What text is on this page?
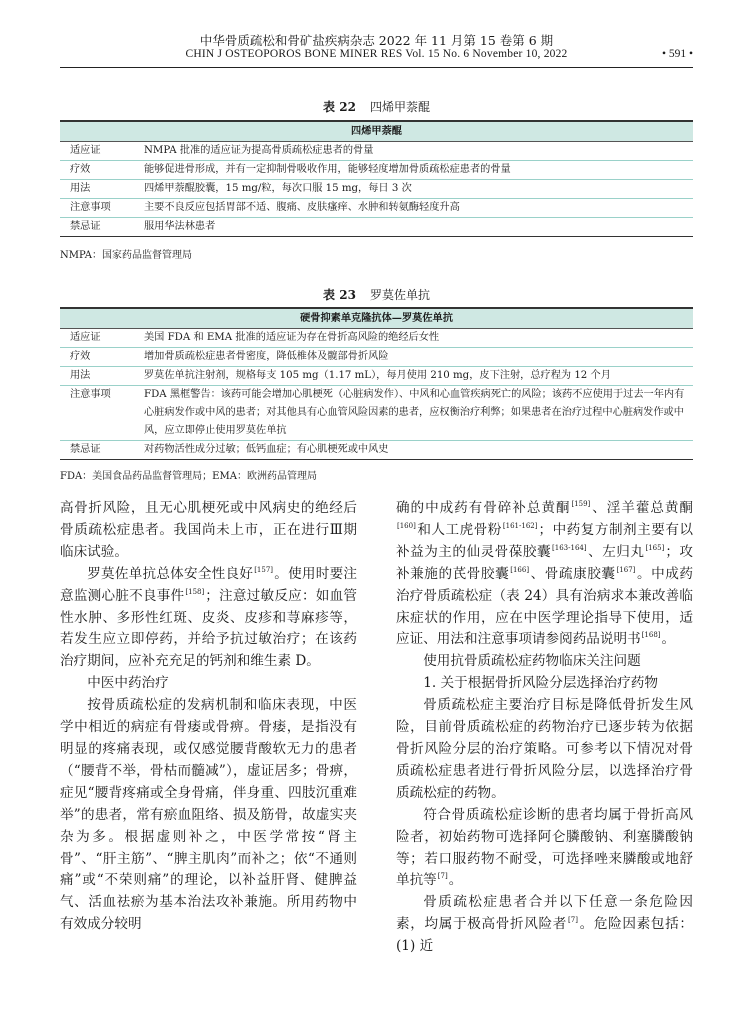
中华骨质疏松和骨矿盐疾病杂志 2022 年 11 月第 15 卷第 6 期
CHIN J OSTEOPOROS BONE MINER RES Vol. 15 No. 6 November 10, 2022	• 591 •
表 22 四烯甲萘醌
四烯甲萘醌	
适应证	NMPA 批准的适应证为提高骨质疏松症患者的骨量
疗效	能够促进骨形成，并有一定抑制骨吸收作用，能够轻度增加骨质疏松症患者的骨量
用法	四烯甲萘醌胶囊，15 mg/粒，每次口服 15 mg，每日 3 次
注意事项	主要不良反应包括胃部不适、腹痛、皮肤瘙痒、水肿和转氨酶轻度升高
禁忌证	服用华法林患者
NMPA：国家药品监督管理局
表 23 罗莫佐单抗
硬骨抑素单克隆抗体—罗莫佐单抗	
适应证	美国 FDA 和 EMA 批准的适应证为存在骨折高风险的绝经后女性
疗效	增加骨质疏松症患者骨密度，降低椎体及髋部骨折风险
用法	罗莫佐单抗注射剂，规格每支 105 mg（1.17 mL），每月使用 210 mg，皮下注射，总疗程为 12 个月
注意事项	FDA 黑框警告：该药可能会增加心肌梗死（心脏病发作）、中风和心血管疾病死亡的风险；该药不应使用于过去一年内有心脏病发作或中风的患者；对其他具有心血管风险因素的患者，应权衡治疗利弊；如果患者在治疗过程中心脏病发作或中风，应立即停止使用罗莫佐单抗
禁忌证	对药物活性成分过敏；低钙血症；有心肌梗死或中风史
FDA：美国食品药品监督管理局；EMA：欧洲药品管理局

高骨折风险，且无心肌梗死或中风病史的绝经后骨质疏松症患者。我国尚未上市，正在进行Ⅲ期临床试验。

罗莫佐单抗总体安全性良好[157]。使用时要注意监测心脏不良事件[158]；注意过敏反应：如血管性水肿、多形性红斑、皮炎、皮疹和荨麻疹等，若发生应立即停药，并给予抗过敏治疗；在该药治疗期间，应补充充足的钙剂和维生素 D。

中医中药治疗

按骨质疏松症的发病机制和临床表现，中医学中相近的病症有骨痿或骨痹。骨痿，是指没有明显的疼痛表现，或仅感觉腰背酸软无力的患者（“腰背不举，骨枯而髓减”），虚证居多；骨痹，症见“腰背疼痛或全身骨痛，伴身重、四肢沉重难举”的患者，常有瘀血阻络、损及筋骨，故虚实夹杂为多。根据虚则补之，中医学常按“肾主骨”、“肝主筋”、“脾主肌肉”而补之；依“不通则痛”或“不荣则痛”的理论，以补益肝肾、健脾益气、活血祛瘀为基本治法攻补兼施。所用药物中有效成分较明

确的中成药有骨碎补总黄酮[159]、淫羊藿总黄酮[160]和人工虎骨粉[161-162]；中药复方制剂主要有以补益为主的仙灵骨葆胶囊[163-164]、左归丸[165]；攻补兼施的芪骨胶囊[166]、骨疏康胶囊[167]。中成药治疗骨质疏松症（表 24）具有治病求本兼改善临床症状的作用，应在中医学理论指导下使用，适应证、用法和注意事项请参阅药品说明书[168]。

使用抗骨质疏松症药物临床关注问题

1. 关于根据骨折风险分层选择治疗药物

骨质疏松症主要治疗目标是降低骨折发生风险，目前骨质疏松症的药物治疗已逐步转为依据骨折风险分层的治疗策略。可参考以下情况对骨质疏松症患者进行骨折风险分层，以选择治疗骨质疏松症的药物。

符合骨质疏松症诊断的患者均属于骨折高风险者，初始药物可选择阿仑膦酸钠、利塞膦酸钠等；若口服药物不耐受，可选择唑来膦酸或地舒单抗等[7]。

骨质疏松症患者合并以下任意一条危险因素，均属于极高骨折风险者[7]。危险因素包括：(1) 近
